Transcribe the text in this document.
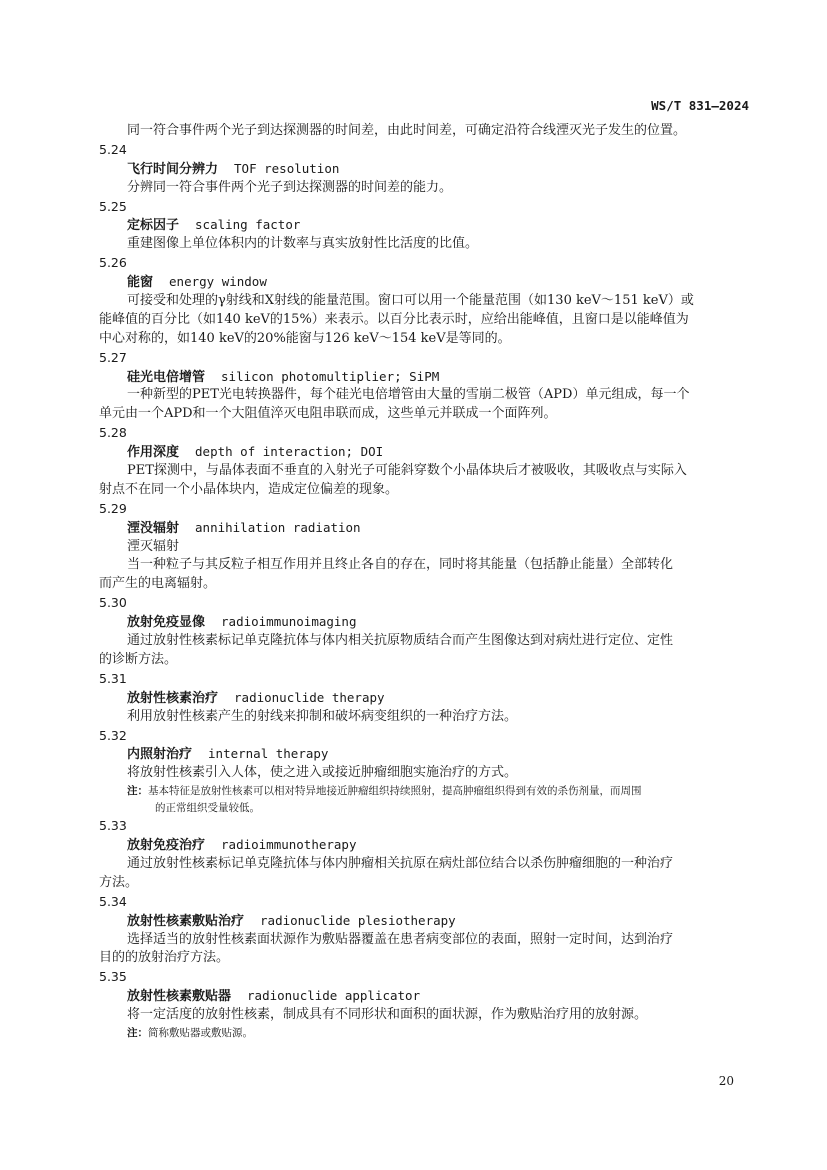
WS/T 831—2024
同一符合事件两个光子到达探测器的时间差，由此时间差，可确定沿符合线湮灭光子发生的位置。
5.24
飞行时间分辨力 TOF resolution
分辨同一符合事件两个光子到达探测器的时间差的能力。
5.25
定标因子 scaling factor
重建图像上单位体积内的计数率与真实放射性比活度的比值。
5.26
能窗 energy window
可接受和处理的γ射线和X射线的能量范围。窗口可以用一个能量范围（如130 keV～151 keV）或
能峰值的百分比（如140 keV的15%）来表示。以百分比表示时，应给出能峰值，且窗口是以能峰值为
中心对称的，如140 keV的20%能窗与126 keV～154 keV是等同的。
5.27
硅光电倍增管 silicon photomultiplier; SiPM
一种新型的PET光电转换器件，每个硅光电倍增管由大量的雪崩二极管（APD）单元组成，每一个
单元由一个APD和一个大阻值淬灭电阻串联而成，这些单元并联成一个面阵列。
5.28
作用深度 depth of interaction; DOI
PET探测中，与晶体表面不垂直的入射光子可能斜穿数个小晶体块后才被吸收，其吸收点与实际入
射点不在同一个小晶体块内，造成定位偏差的现象。
5.29
湮没辐射 annihilation radiation
湮灭辐射
当一种粒子与其反粒子相互作用并且终止各自的存在，同时将其能量（包括静止能量）全部转化
而产生的电离辐射。
5.30
放射免疫显像 radioimmunoimaging
通过放射性核素标记单克隆抗体与体内相关抗原物质结合而产生图像达到对病灶进行定位、定性
的诊断方法。
5.31
放射性核素治疗 radionuclide therapy
利用放射性核素产生的射线来抑制和破坏病变组织的一种治疗方法。
5.32
内照射治疗 internal therapy
将放射性核素引入人体，使之进入或接近肿瘤细胞实施治疗的方式。
注：基本特征是放射性核素可以相对特异地接近肿瘤组织持续照射，提高肿瘤组织得到有效的杀伤剂量，而周围
的正常组织受量较低。
5.33
放射免疫治疗 radioimmunotherapy
通过放射性核素标记单克隆抗体与体内肿瘤相关抗原在病灶部位结合以杀伤肿瘤细胞的一种治疗
方法。
5.34
放射性核素敷贴治疗 radionuclide plesiotherapy
选择适当的放射性核素面状源作为敷贴器覆盖在患者病变部位的表面，照射一定时间，达到治疗
目的的放射治疗方法。
5.35
放射性核素敷贴器 radionuclide applicator
将一定活度的放射性核素，制成具有不同形状和面积的面状源，作为敷贴治疗用的放射源。
注：简称敷贴器或敷贴源。
20
